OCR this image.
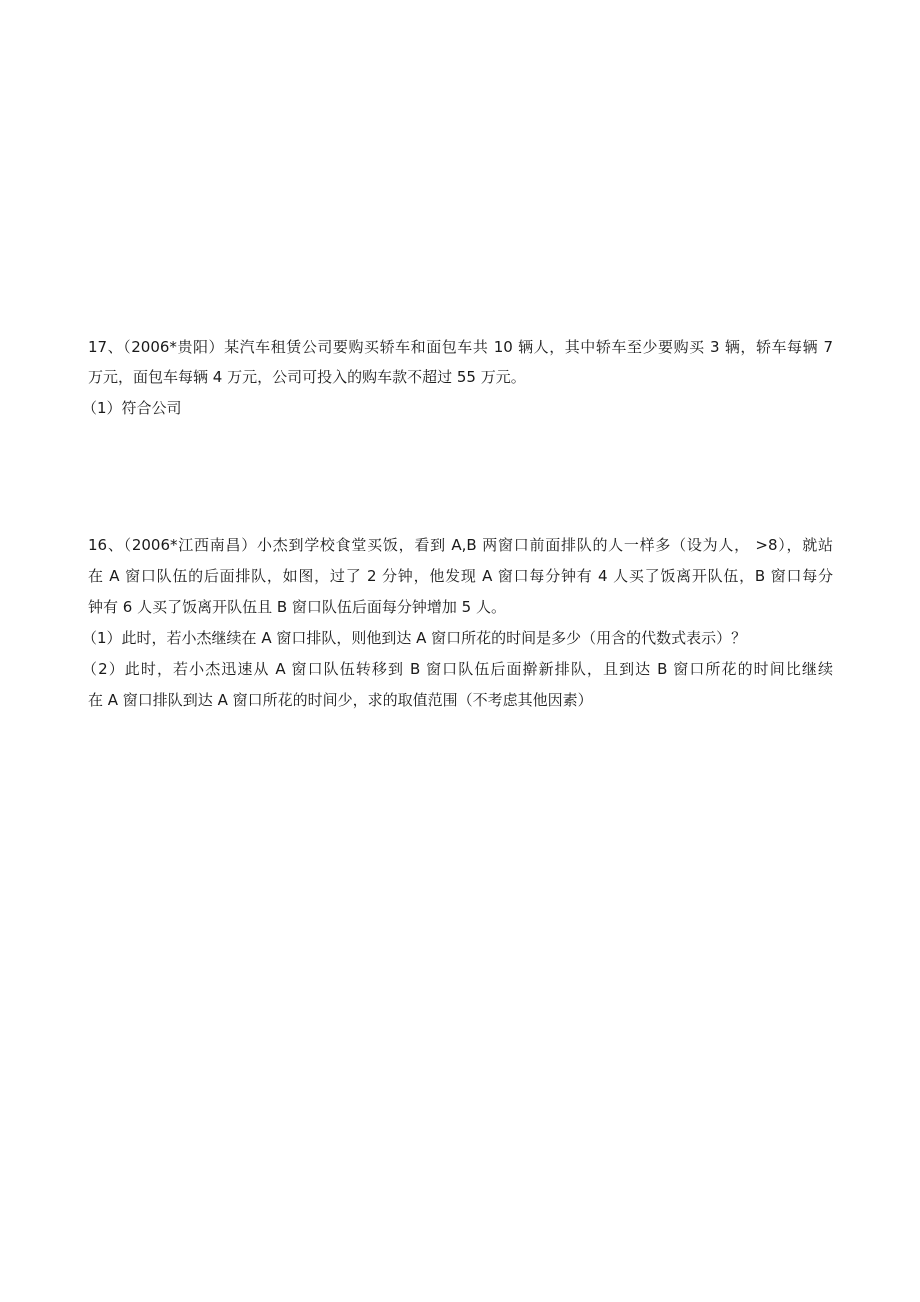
17、（2006*贵阳）某汽车租赁公司要购买轿车和面包车共 10 辆人，其中轿车至少要购买 3 辆，轿车每辆 7
万元，面包车每辆 4 万元，公司可投入的购车款不超过 55 万元。
（1）符合公司
16、（2006*江西南昌）小杰到学校食堂买饭，看到 A,B 两窗口前面排队的人一样多（设为人， >8），就站
在 A 窗口队伍的后面排队，如图，过了 2 分钟，他发现 A 窗口每分钟有 4 人买了饭离开队伍，B 窗口每分
钟有 6 人买了饭离开队伍且 B 窗口队伍后面每分钟增加 5 人。
（1）此时，若小杰继续在 A 窗口排队，则他到达 A 窗口所花的时间是多少（用含的代数式表示）？
（2）此时，若小杰迅速从 A 窗口队伍转移到 B 窗口队伍后面擀新排队，且到达 B 窗口所花的时间比继续
在 A 窗口排队到达 A 窗口所花的时间少，求的取值范围（不考虑其他因素）
